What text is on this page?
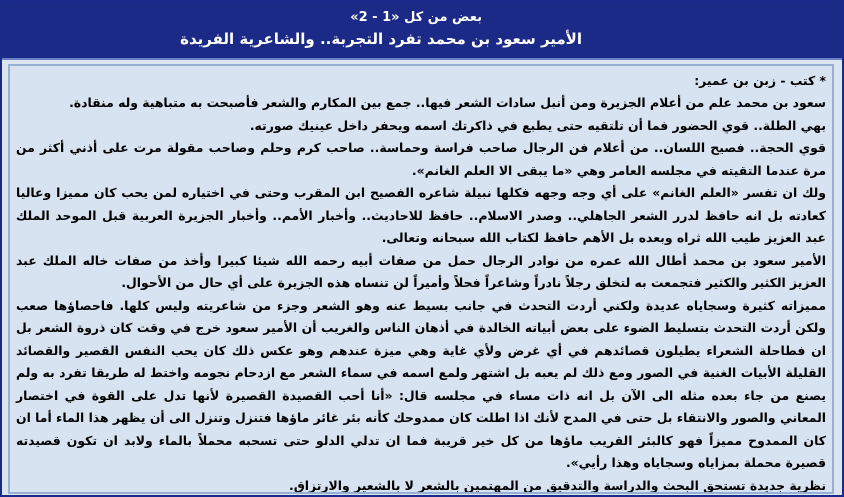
بعض من كل «1 - 2»
الأمير سعود بن محمد تفرد التجربة.. والشاعرية الفريدة

* كتب - زبن بن عمير:

سعود بن محمد علم من أعلام الجزيرة ومن أنبل سادات الشعر فيها.. جمع بين المكارم والشعر فأصبحت به متباهية وله منقادة.

بهي الطلة.. قوي الحضور فما أن تلتقيه حتى يطبع في ذاكرتك اسمه ويحفر داخل عينيك صورته.

قوي الحجة.. فصيح اللسان.. من أعلام فن الرجال صاحب فراسة وحماسة.. صاحب كرم وحلم وصاحب مقولة مرت على أذني أكثر من مرة عندما التقيته في مجلسه العامر وهي «ما يبقى الا العلم الغانم».

ولك ان تفسر «العلم الغانم» على أي وجه وجهه فكلها نبيلة شاعره الفصيح ابن المقرب وحتى في اختياره لمن يحب كان مميزا وعاليا كعادته بل انه حافظ لدرر الشعر الجاهلي.. وصدر الاسلام.. حافظ للاحاديث.. وأخبار الأمم.. وأخبار الجزيرة العربية قبل الموحد الملك عبد العزيز طيب الله ثراه وبعده بل الأهم حافظ لكتاب الله سبحانه وتعالى.

الأمير سعود بن محمد أطال الله عمره من نوادر الرجال حمل من صفات أبيه رحمه الله شيئا كبيرا وأخذ من صفات خاله الملك عبد العزيز الكثير والكثير فتجمعت به لتخلق رجلاً نادراً وشاعراً فحلاً وأميراً لن تنساه هذه الجزيرة على أي حال من الأحوال.

مميزاته كثيرة وسجاياه عديدة ولكني أردت التحدث في جانب بسيط عنه وهو الشعر وجزء من شاعريته وليس كلها. فاحصاؤها صعب ولكن أردت التحدث بتسليط الضوء على بعض أبياته الخالدة في أذهان الناس والغريب أن الأمير سعود خرج في وقت كان ذروة الشعر بل ان فطاحلة الشعراء يطيلون قصائدهم في أي غرض ولأي غاية وهي ميزة عندهم وهو عكس ذلك كان يحب النفس القصير والقصائد القليلة الأبيات الغنية في الصور ومع ذلك لم يعبه بل اشتهر ولمع اسمه في سماء الشعر مع ازدحام نجومه واختط له طريقا تفرد به ولم يصنع من جاء بعده مثله الى الآن بل انه ذات مساء في مجلسه قال: «أنا أحب القصيدة القصيرة لأنها تدل على القوة في اختصار المعاني والصور والانتقاء بل حتى في المدح لأنك اذا اطلت كان ممدوحك كأنه بئر غائر ماؤها فتنزل وتنزل الى أن يظهر هذا الماء أما ان كان الممدوح مميزاً فهو كالبئر القريب ماؤها من كل خير قريبة فما ان تدلي الدلو حتى تسحبه محملاً بالماء ولابد ان تكون قصيدته قصيرة محملة بمزاياه وسجاياه وهذا رأيي».

نظرية جديدة تستحق البحث والدراسة والتدقيق من المهتمين بالشعر لا بالشعير والارتزاق.
